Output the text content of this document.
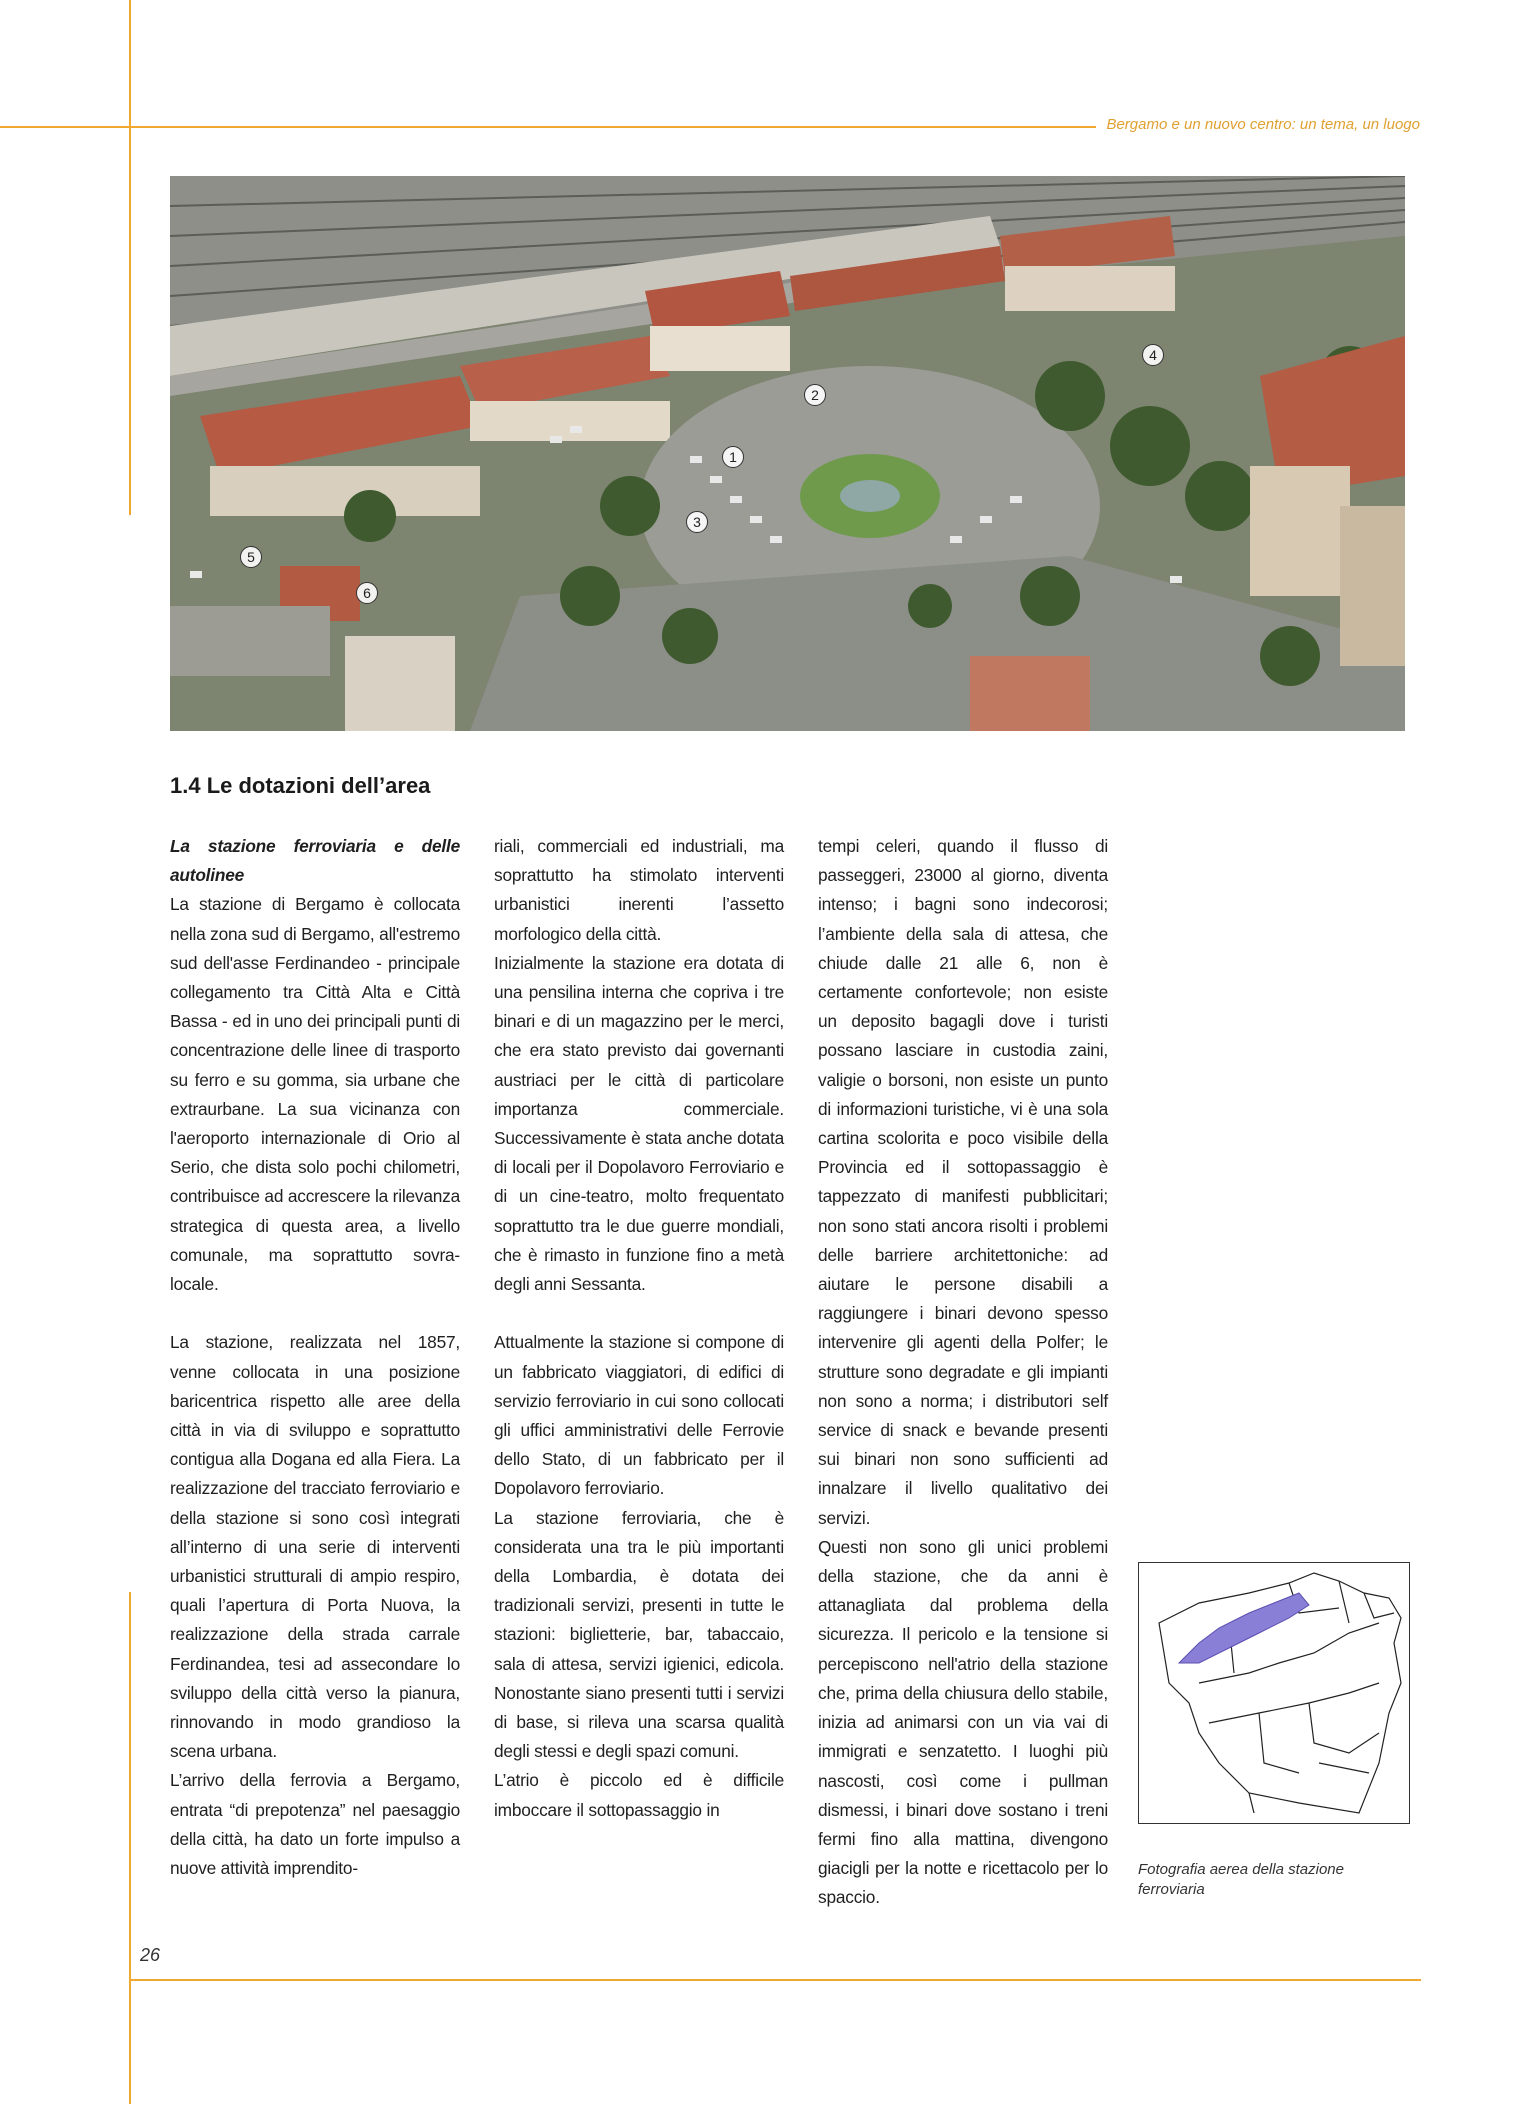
Bergamo e un nuovo centro: un tema, un luogo
1
2
3
4
5
6
1.4 Le dotazioni dell’area

La stazione ferroviaria e delle autolinee

La stazione di Bergamo è collocata nella zona sud di Bergamo, all'estremo sud dell'asse Ferdinandeo - principale collegamento tra Città Alta e Città Bassa - ed in uno dei principali punti di concentrazione delle linee di trasporto su ferro e su gomma, sia urbane che extraurbane. La sua vicinanza con l'aeroporto internazionale di Orio al Serio, che dista solo pochi chilometri, contribuisce ad accrescere la rilevanza strategica di questa area, a livello comunale, ma soprattutto sovra-locale.

La stazione, realizzata nel 1857, venne collocata in una posizione baricentrica rispetto alle aree della città in via di sviluppo e soprattutto contigua alla Dogana ed alla Fiera. La realizzazione del tracciato ferroviario e della stazione si sono così integrati all’interno di una serie di interventi urbanistici strutturali di ampio respiro, quali l’apertura di Porta Nuova, la realizzazione della strada carrale Ferdinandea, tesi ad assecondare lo sviluppo della città verso la pianura, rinnovando in modo grandioso la scena urbana.

L’arrivo della ferrovia a Bergamo, entrata “di prepotenza” nel paesaggio della città, ha dato un forte impulso a nuove attività imprendito-

riali, commerciali ed industriali, ma soprattutto ha stimolato interventi urbanistici inerenti l’assetto morfologico della città.

Inizialmente la stazione era dotata di una pensilina interna che copriva i tre binari e di un magazzino per le merci, che era stato previsto dai governanti austriaci per le città di particolare importanza commerciale. Successivamente è stata anche dotata di locali per il Dopolavoro Ferroviario e di un cine-teatro, molto frequentato soprattutto tra le due guerre mondiali, che è rimasto in funzione fino a metà degli anni Sessanta.

Attualmente la stazione si compone di un fabbricato viaggiatori, di edifici di servizio ferroviario in cui sono collocati gli uffici amministrativi delle Ferrovie dello Stato, di un fabbricato per il Dopolavoro ferroviario.

La stazione ferroviaria, che è considerata una tra le più importanti della Lombardia, è dotata dei tradizionali servizi, presenti in tutte le stazioni: biglietterie, bar, tabaccaio, sala di attesa, servizi igienici, edicola. Nonostante siano presenti tutti i servizi di base, si rileva una scarsa qualità degli stessi e degli spazi comuni.

L’atrio è piccolo ed è difficile imboccare il sottopassaggio in

tempi celeri, quando il flusso di passeggeri, 23000 al giorno, diventa intenso; i bagni sono indecorosi; l’ambiente della sala di attesa, che chiude dalle 21 alle 6, non è certamente confortevole; non esiste un deposito bagagli dove i turisti possano lasciare in custodia zaini, valigie o borsoni, non esiste un punto di informazioni turistiche, vi è una sola cartina scolorita e poco visibile della Provincia ed il sottopassaggio è tappezzato di manifesti pubblicitari; non sono stati ancora risolti i problemi delle barriere architettoniche: ad aiutare le persone disabili a raggiungere i binari devono spesso intervenire gli agenti della Polfer; le strutture sono degradate e gli impianti non sono a norma; i distributori self service di snack e bevande presenti sui binari non sono sufficienti ad innalzare il livello qualitativo dei servizi.

Questi non sono gli unici problemi della stazione, che da anni è attanagliata dal problema della sicurezza. Il pericolo e la tensione si percepiscono nell'atrio della stazione che, prima della chiusura dello stabile, inizia ad animarsi con un via vai di immigrati e senzatetto. I luoghi più nascosti, così come i pullman dismessi, i binari dove sostano i treni fermi fino alla mattina, divengono giacigli per la notte e ricettacolo per lo spaccio.

Fotografia aerea della stazione ferroviaria
26
